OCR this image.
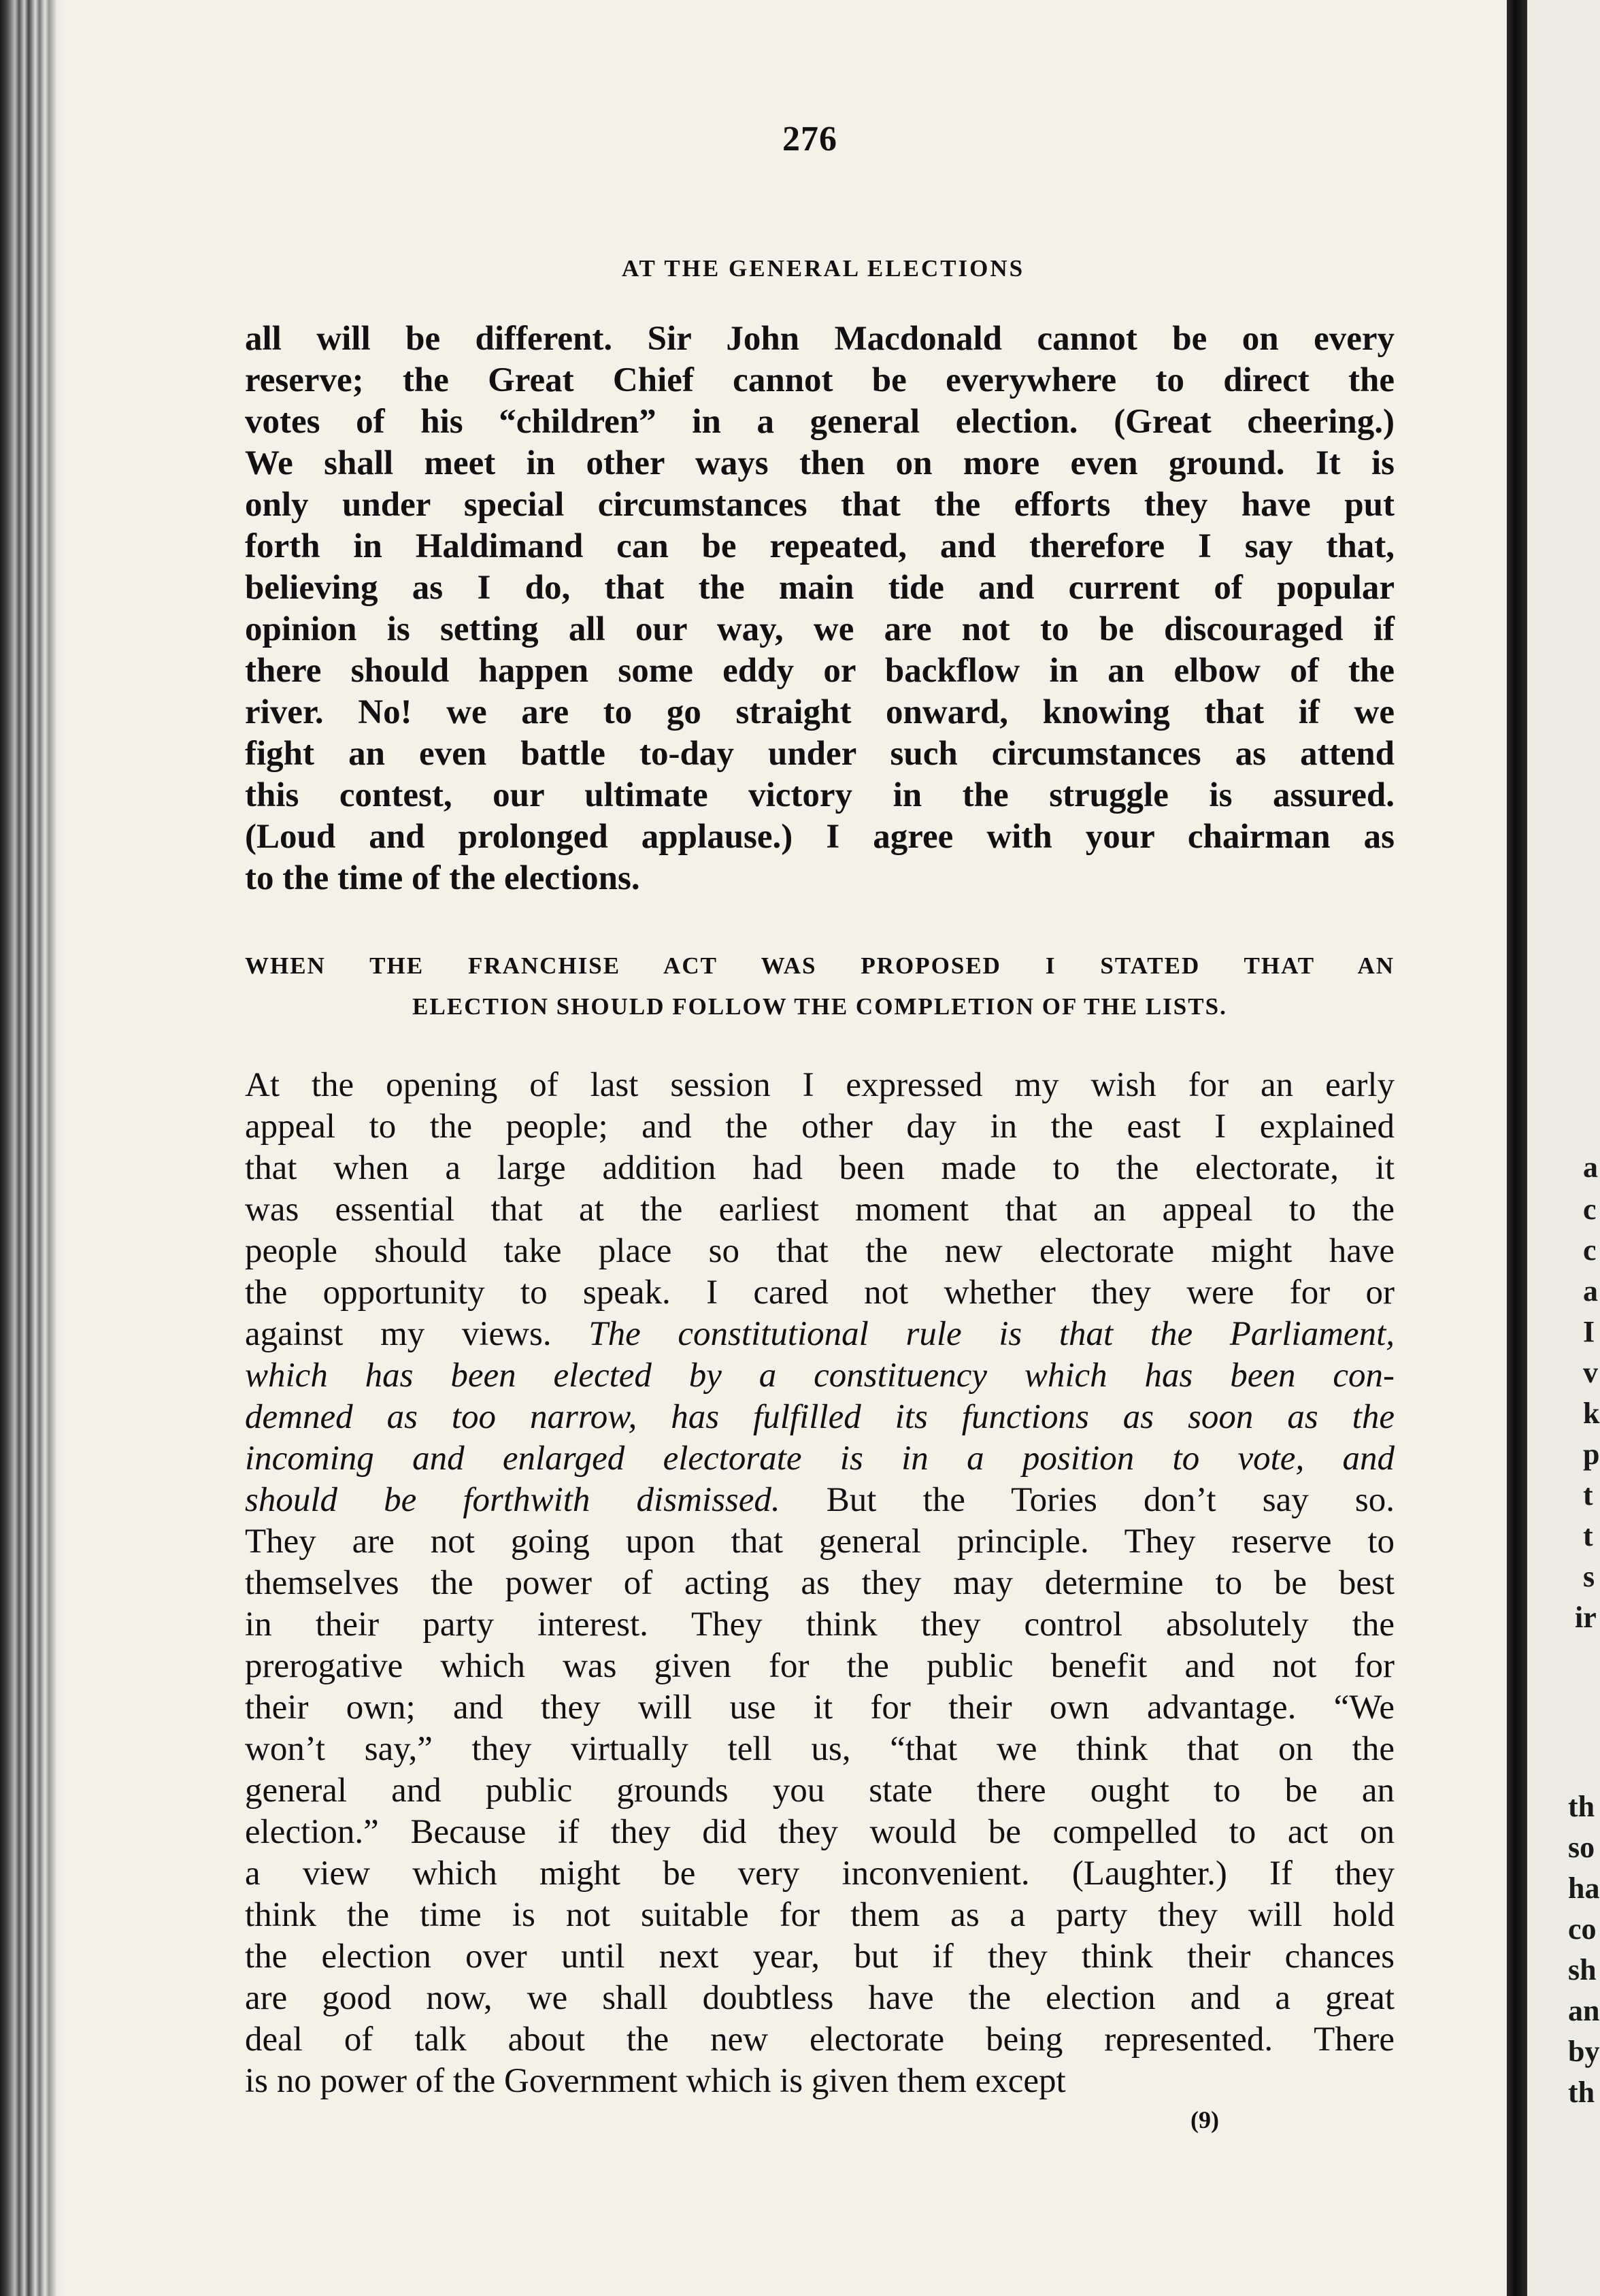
a
c
c
a
I
v
k
p
t
t
s
ir
th
so
ha
co
sh
an
by
th
276
AT THE GENERAL ELECTIONS
all will be different. Sir John Macdonald cannot be on every
reserve; the Great Chief cannot be everywhere to direct the
votes of his “children” in a general election. (Great cheering.)
We shall meet in other ways then on more even ground. It is
only under special circumstances that the efforts they have put
forth in Haldimand can be repeated, and therefore I say that,
believing as I do, that the main tide and current of popular
opinion is setting all our way, we are not to be discouraged if
there should happen some eddy or backflow in an elbow of the
river. No! we are to go straight onward, knowing that if we
fight an even battle to-day under such circumstances as attend
this contest, our ultimate victory in the struggle is assured.
(Loud and prolonged applause.) I agree with your chairman as
to the time of the elections.
WHEN THE FRANCHISE ACT WAS PROPOSED I STATED THAT AN
ELECTION SHOULD FOLLOW THE COMPLETION OF THE LISTS.
At the opening of last session I expressed my wish for an early
appeal to the people; and the other day in the east I explained
that when a large addition had been made to the electorate, it
was essential that at the earliest moment that an appeal to the
people should take place so that the new electorate might have
the opportunity to speak. I cared not whether they were for or
against my views. The constitutional rule is that the Parliament,
which has been elected by a constituency which has been con-
demned as too narrow, has fulfilled its functions as soon as the
incoming and enlarged electorate is in a position to vote, and
should be forthwith dismissed. But the Tories don’t say so.
They are not going upon that general principle. They reserve to
themselves the power of acting as they may determine to be best
in their party interest. They think they control absolutely the
prerogative which was given for the public benefit and not for
their own; and they will use it for their own advantage. “We
won’t say,” they virtually tell us, “that we think that on the
general and public grounds you state there ought to be an
election.” Because if they did they would be compelled to act on
a view which might be very inconvenient. (Laughter.) If they
think the time is not suitable for them as a party they will hold
the election over until next year, but if they think their chances
are good now, we shall doubtless have the election and a great
deal of talk about the new electorate being represented. There
is no power of the Government which is given them except
(9)
